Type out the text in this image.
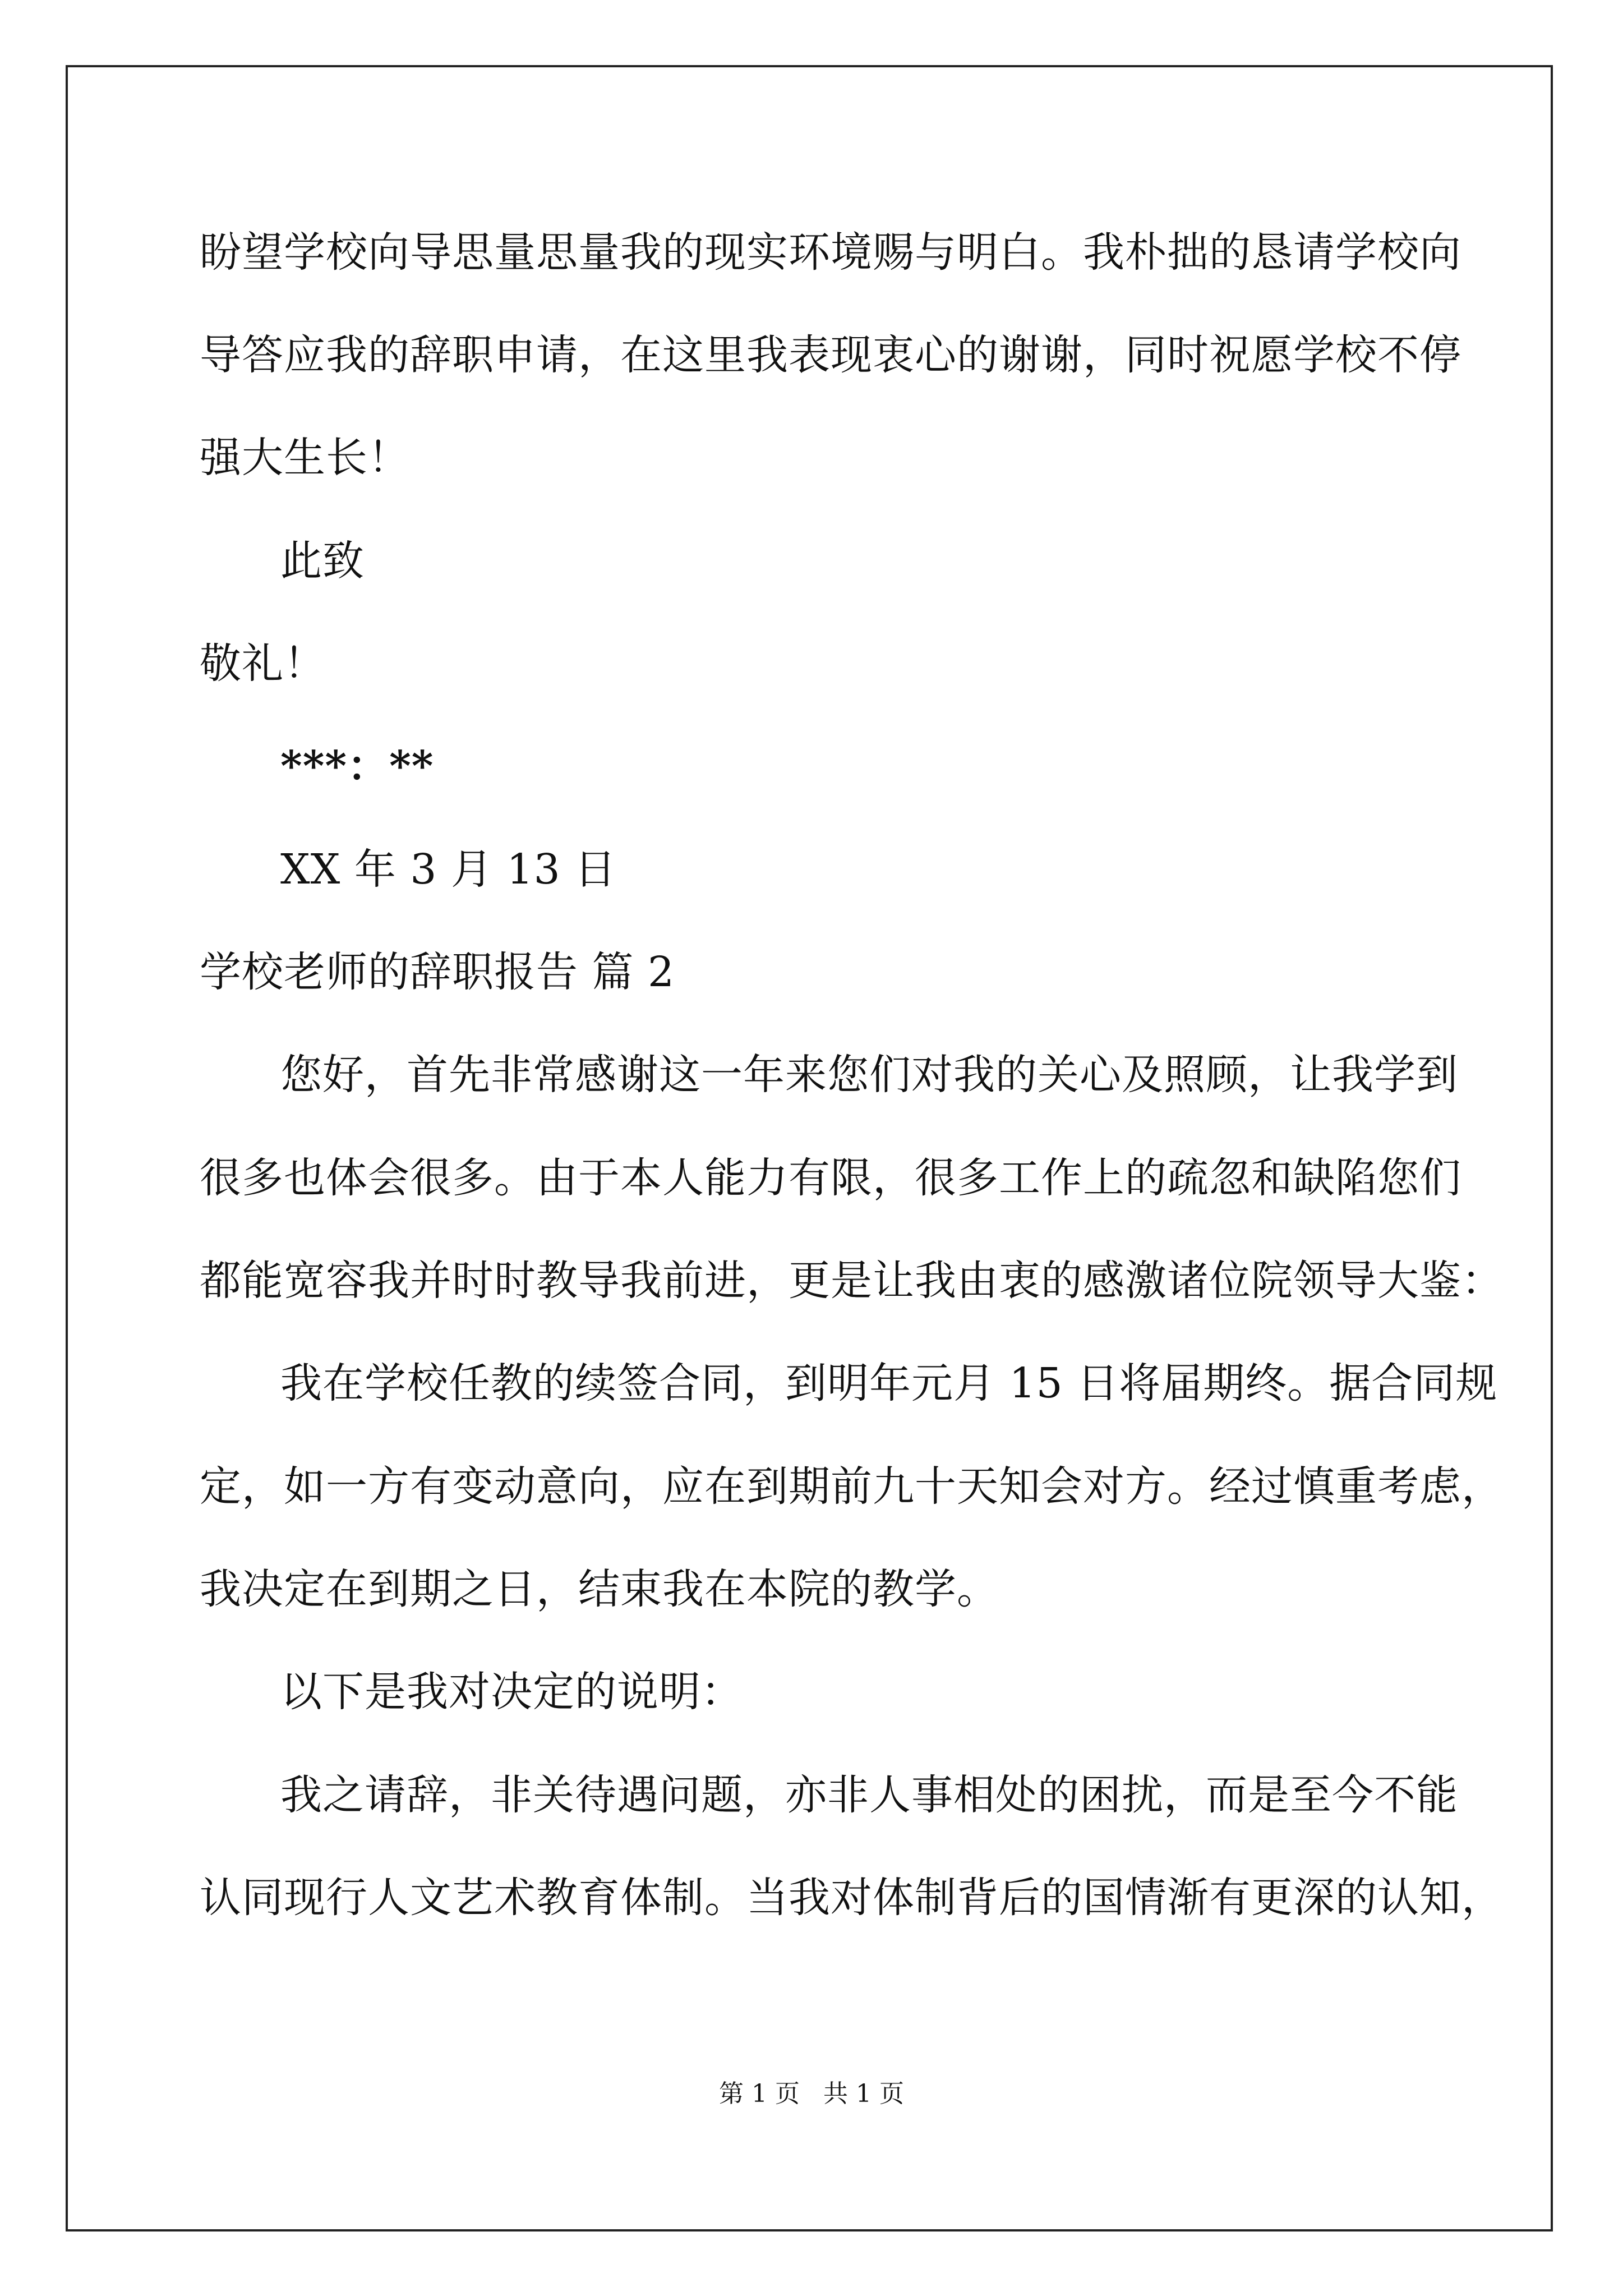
盼望学校向导思量思量我的现实环境赐与明白。我朴拙的恳请学校向
导答应我的辞职申请，在这里我表现衷心的谢谢，同时祝愿学校不停
强大生长！
此致
敬礼！
***：**
XX 年 3 月 13 日
学校老师的辞职报告 篇 2
您好，首先非常感谢这一年来您们对我的关心及照顾，让我学到
很多也体会很多。由于本人能力有限，很多工作上的疏忽和缺陷您们
都能宽容我并时时教导我前进，更是让我由衷的感激诸位院领导大鉴：
我在学校任教的续签合同，到明年元月 15 日将届期终。据合同规
定，如一方有变动意向，应在到期前九十天知会对方。经过慎重考虑，
我决定在到期之日，结束我在本院的教学。
以下是我对决定的说明：
我之请辞，非关待遇问题，亦非人事相处的困扰，而是至今不能
认同现行人文艺术教育体制。当我对体制背后的国情渐有更深的认知，
第 1 页   共 1 页
